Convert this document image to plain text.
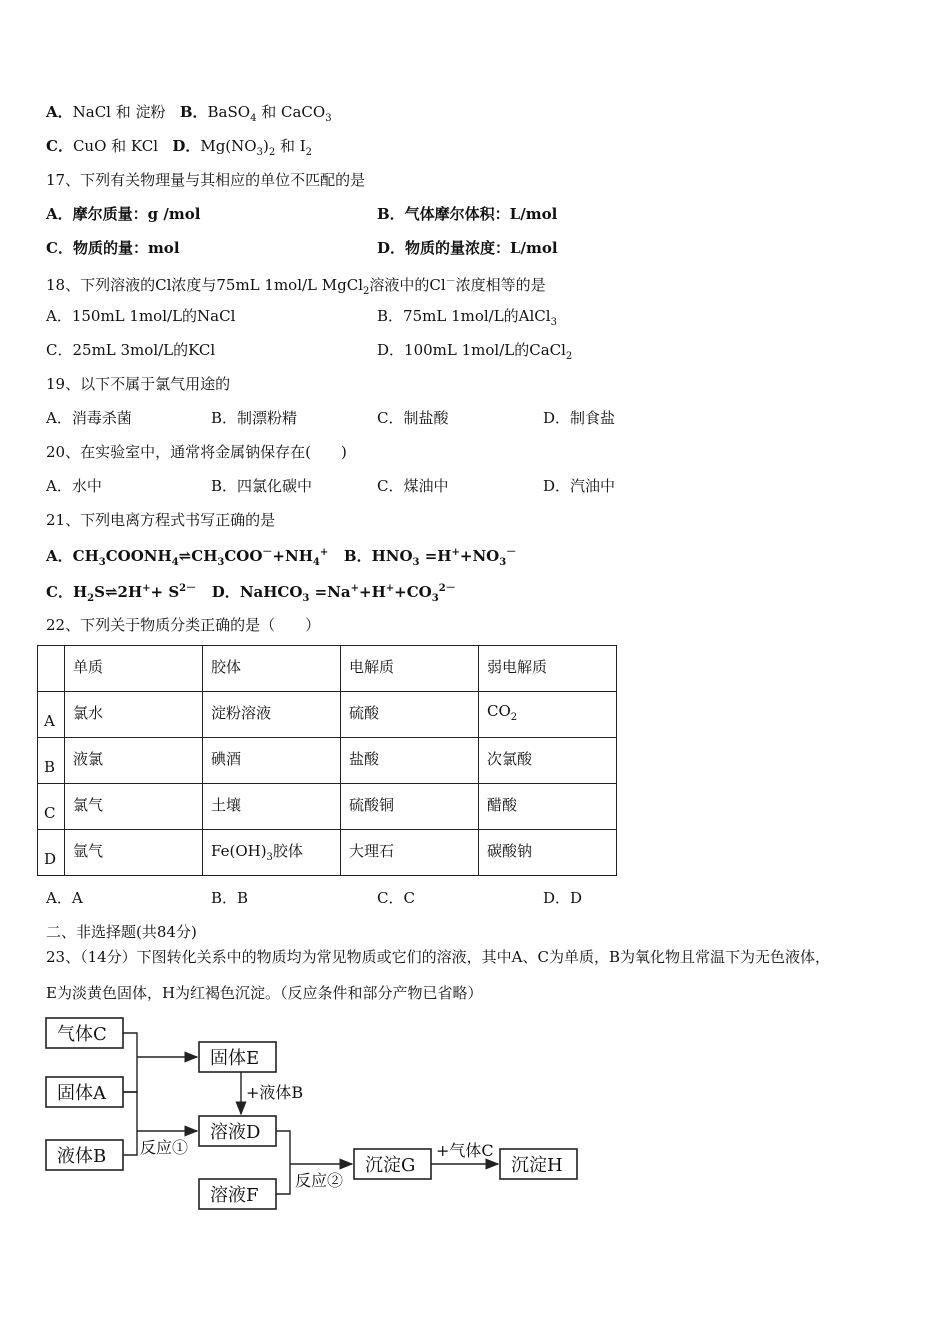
A．NaCl 和 淀粉 B．BaSO$_4$ 和 CaCO$_3$
C．CuO 和 KCl D．$Mg(NO_3)_2$ 和 $I_2$
17、下列有关物理量与其相应的单位不匹配的是
A．摩尔质量：g /mol	B．气体摩尔体积：L/mol
C．物质的量：mol	D．物质的量浓度：L/mol
18、下列溶液的Cl浓度与75mL 1mol/L MgCl$_2$溶液中的Cl－浓度相等的是
A．150mL 1mol/L的NaCl	B．75mL 1mol/L的AlCl$_3$
C．25mL 3mol/L的KCl	D．100mL 1mol/L的CaCl$_2$
19、以下不属于氯气用途的
A．消毒杀菌	B．制漂粉精	C．制盐酸	D．制食盐
20、在实验室中，通常将金属钠保存在(　　)
A．水中	B．四氯化碳中	C．煤油中	D．汽油中
21、下列电离方程式书写正确的是
A．$CH_3COONH_4\rightleftharpoons CH_3COO^-+NH_4^+$ B．$HNO_3 =H^++NO_3^-$
C．$H_2S\rightleftharpoons 2H^++ S^{2-}$ D．NaHCO$_3$ $=Na^++H^++CO_3^{2-}$
22、下列关于物质分类正确的是（　　）
	单质	胶体	电解质	弱电解质
A	氯水	淀粉溶液	硫酸	$CO_2$
B	液氯	碘酒	盐酸	次氯酸
C	氯气	土壤	硫酸铜	醋酸
D	氩气	$Fe(OH)_3$胶体	大理石	碳酸钠
A．A	B．B	C．C	D．D
二、非选择题(共84分)
23、（14分）下图转化关系中的物质均为常见物质或它们的溶液，其中A、C为单质，B为氧化物且常温下为无色液体，
E为淡黄色固体，H为红褐色沉淀。（反应条件和部分产物已省略）
气体C
固体A
液体B
固体E
+液体B
溶液D
反应①
溶液F
反应②
沉淀G
+气体C
沉淀H
